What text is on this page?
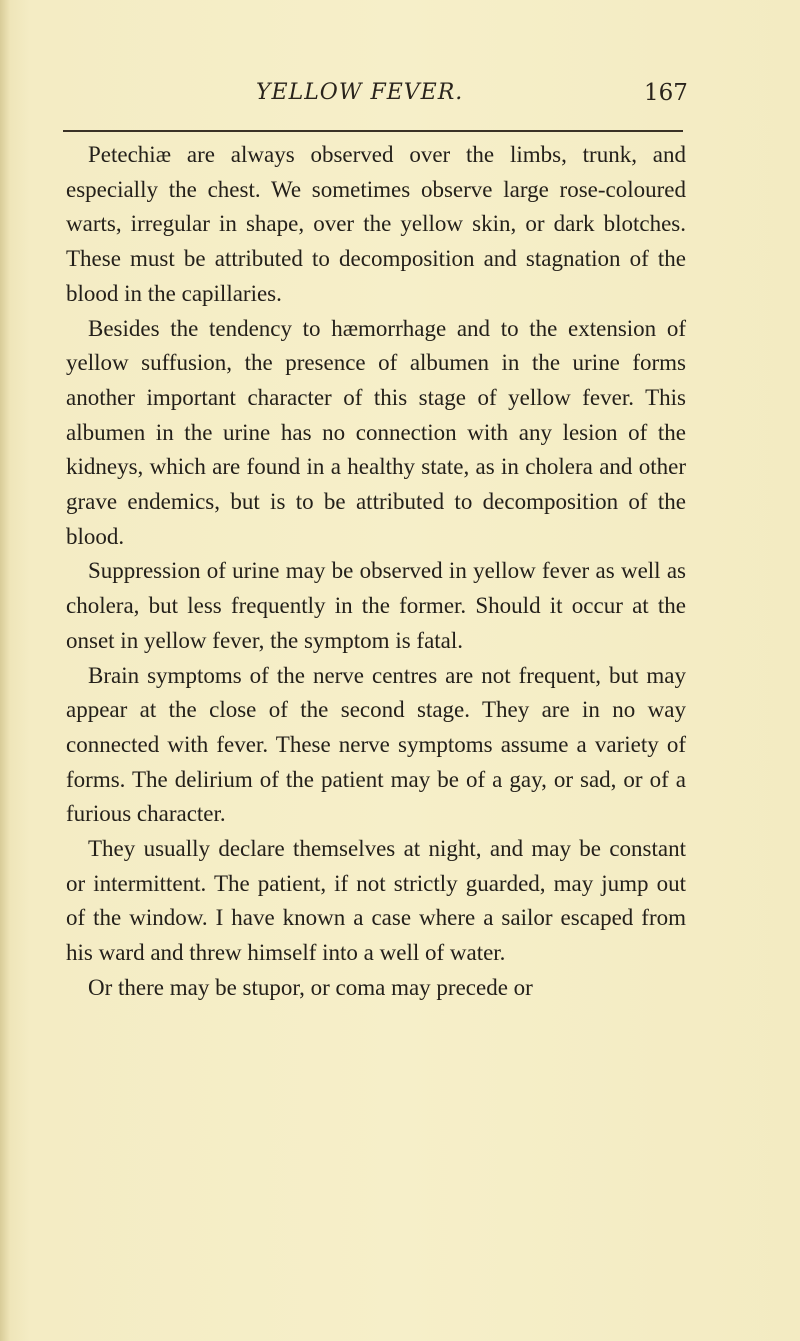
YELLOW FEVER.	167

Petechiæ are always observed over the limbs, trunk, and especially the chest. We sometimes observe large rose-coloured warts, irregular in shape, over the yellow skin, or dark blotches. These must be attributed to decomposition and stagnation of the blood in the capillaries.

Besides the tendency to hæmorrhage and to the extension of yellow suffusion, the presence of albumen in the urine forms another important character of this stage of yellow fever. This albumen in the urine has no connection with any lesion of the kidneys, which are found in a healthy state, as in cholera and other grave endemics, but is to be attributed to decomposition of the blood.

Suppression of urine may be observed in yellow fever as well as cholera, but less frequently in the former. Should it occur at the onset in yellow fever, the symptom is fatal.

Brain symptoms of the nerve centres are not frequent, but may appear at the close of the second stage. They are in no way connected with fever. These nerve symptoms assume a variety of forms. The delirium of the patient may be of a gay, or sad, or of a furious character.

They usually declare themselves at night, and may be constant or intermittent. The patient, if not strictly guarded, may jump out of the window. I have known a case where a sailor escaped from his ward and threw himself into a well of water.

Or there may be stupor, or coma may precede or
